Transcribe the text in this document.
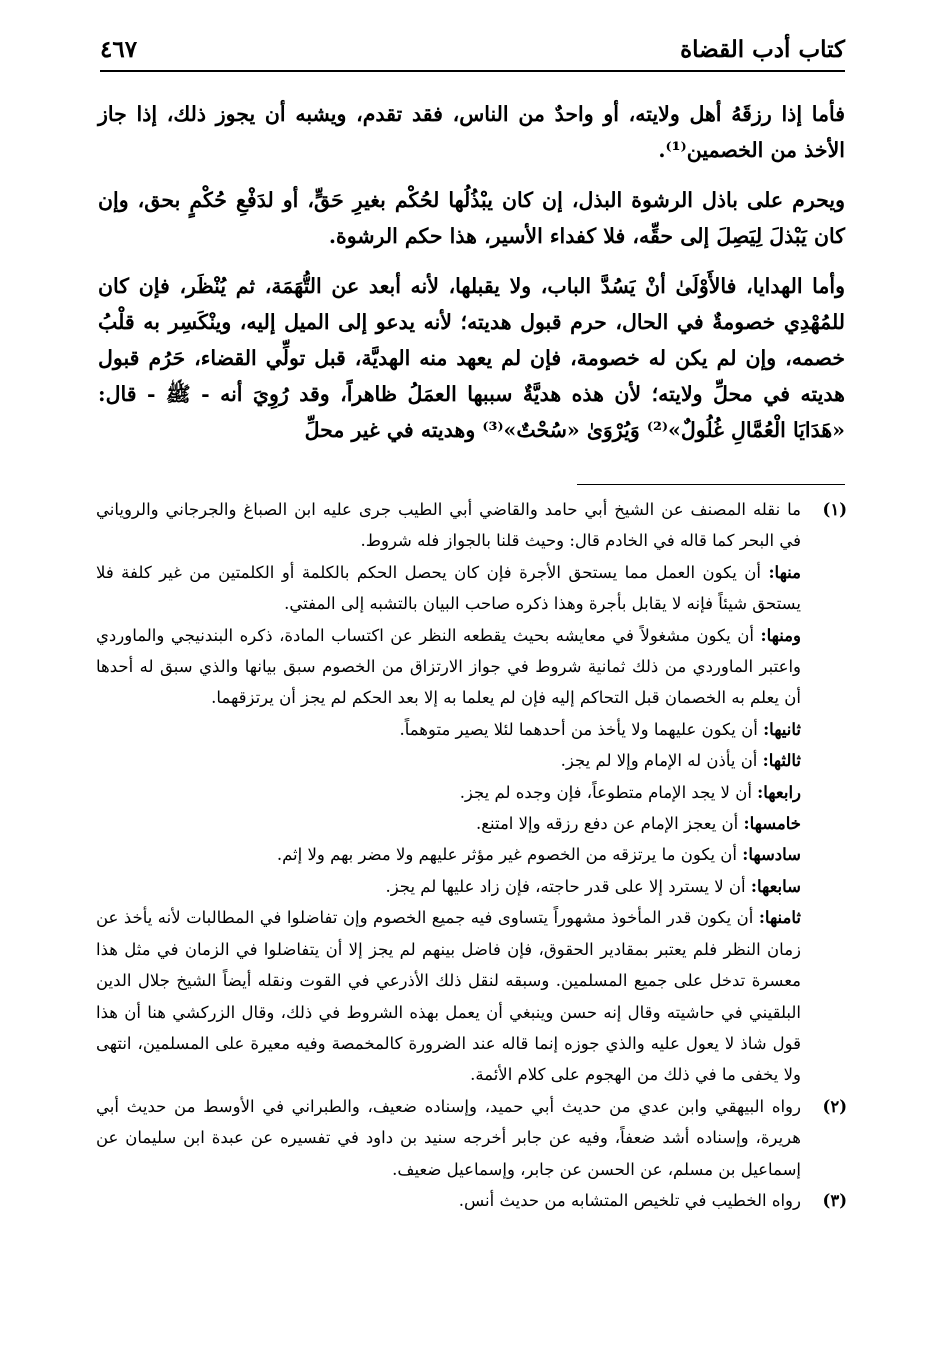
كتاب أدب القضاة
٤٦٧

فأما إذا رزقَهُ أهل ولايته، أو واحدٌ من الناس، فقد تقدم، ويشبه أن يجوز ذلك، إذا جاز الأخذ من الخصمين⁽¹⁾.

ويحرم على باذل الرشوة البذل، إن كان يبْذُلُها لحُكْم بغيرِ حَقٍّ، أو لدَفْعِ حُكْمٍ بحق، وإن كان يَبْذلَ لِيَصِلَ إلى حقِّه، فلا كفداء الأسير، هذا حكم الرشوة.

وأما الهدايا، فالأَوْلَىٰ أنْ يَسُدَّ الباب، ولا يقبلها، لأنه أبعد عن التُّهَمَة، ثم يُنْظَر، فإن كان للمُهْدِي خصومةٌ في الحال، حرم قبول هديته؛ لأنه يدعو إلى الميل إليه، وينْكَسِر به قلْبُ خصمه، وإن لم يكن له خصومة، فإن لم يعهد منه الهديَّة، قبل تولِّي القضاء، حَرُم قبول هديته في محلِّ ولايته؛ لأن هذه هديَّةٌ سببها العمَلُ ظاهراً، وقد رُوِيَ أنه - ﷺ - قال: «هَدَايَا الْعُمَّالِ غُلُولٌ»⁽²⁾ وَيُرْوَىٰ «سُحْتٌ»⁽³⁾ وهديته في غير محلِّ

(١)

ما نقله المصنف عن الشيخ أبي حامد والقاضي أبي الطيب جرى عليه ابن الصباغ والجرجاني والروياني في البحر كما قاله في الخادم قال: وحيث قلنا بالجواز فله شروط.

منها: أن يكون العمل مما يستحق الأجرة فإن كان يحصل الحكم بالكلمة أو الكلمتين من غير كلفة فلا يستحق شيئاً فإنه لا يقابل بأجرة وهذا ذكره صاحب البيان بالتشبه إلى المفتي.

ومنها: أن يكون مشغولاً في معايشه بحيث يقطعه النظر عن اكتساب المادة، ذكره البندنيجي والماوردي واعتبر الماوردي من ذلك ثمانية شروط في جواز الارتزاق من الخصوم سبق بيانها والذي سبق له أحدها أن يعلم به الخصمان قبل التحاكم إليه فإن لم يعلما به إلا بعد الحكم لم يجز أن يرتزقهما.

ثانيها: أن يكون عليهما ولا يأخذ من أحدهما لئلا يصير متوهماً.

ثالثها: أن يأذن له الإمام وإلا لم يجز.

رابعها: أن لا يجد الإمام متطوعاً، فإن وجده لم يجز.

خامسها: أن يعجز الإمام عن دفع رزقه وإلا امتنع.

سادسها: أن يكون ما يرتزقه من الخصوم غير مؤثر عليهم ولا مضر بهم ولا إثم.

سابعها: أن لا يسترد إلا على قدر حاجته، فإن زاد عليها لم يجز.

ثامنها: أن يكون قدر المأخوذ مشهوراً يتساوى فيه جميع الخصوم وإن تفاضلوا في المطالبات لأنه يأخذ عن زمان النظر فلم يعتبر بمقادير الحقوق، فإن فاضل بينهم لم يجز إلا أن يتفاضلوا في الزمان في مثل هذا معسرة تدخل على جميع المسلمين. وسبقه لنقل ذلك الأذرعي في القوت ونقله أيضاً الشيخ جلال الدين البلقيني في حاشيته وقال إنه حسن وينبغي أن يعمل بهذه الشروط في ذلك، وقال الزركشي هنا أن هذا قول شاذ لا يعول عليه والذي جوزه إنما قاله عند الضرورة كالمخمصة وفيه معيرة على المسلمين، انتهى ولا يخفى ما في ذلك من الهجوم على كلام الأئمة.

(٢)

رواه البيهقي وابن عدي من حديث أبي حميد، وإسناده ضعيف، والطبراني في الأوسط من حديث أبي هريرة، وإسناده أشد ضعفاً، وفيه عن جابر أخرجه سنيد بن داود في تفسيره عن عبدة ابن سليمان عن إسماعيل بن مسلم، عن الحسن عن جابر، وإسماعيل ضعيف.

(٣)

رواه الخطيب في تلخيص المتشابه من حديث أنس.
